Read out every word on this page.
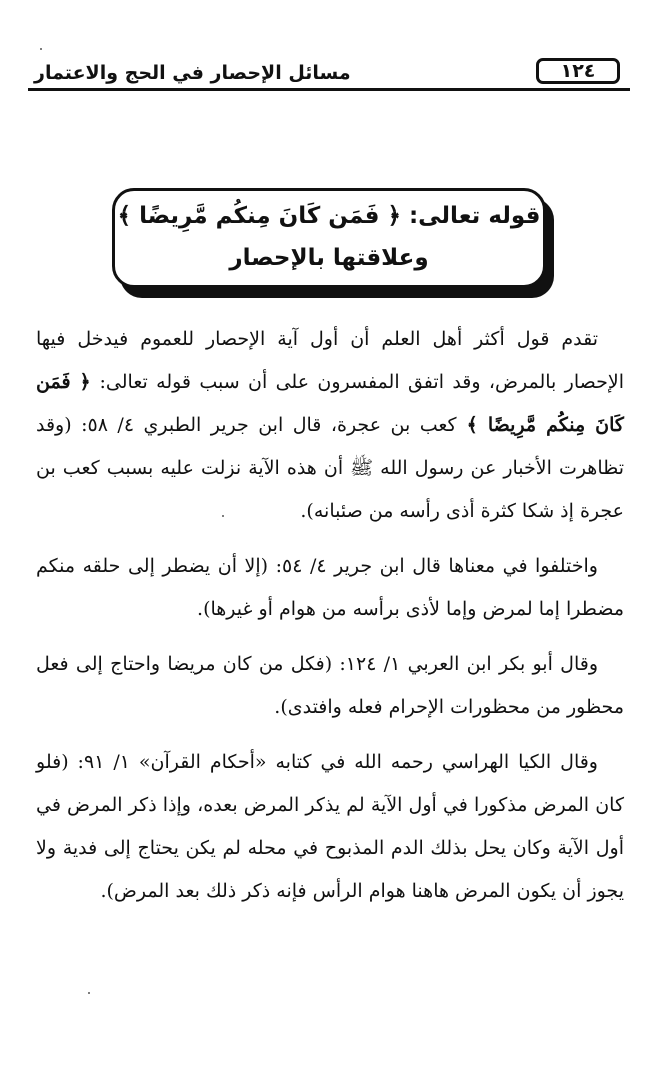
مسائل الإحصار في الحج والاعتمار	١٢٤
قوله تعالى: ﴿ فَمَن كَانَ مِنكُم مَّرِيضًا ﴾
وعلاقتها بالإحصار

تقدم قول أكثر أهل العلم أن أول آية الإحصار للعموم فيدخل فيها الإحصار بالمرض، وقد اتفق المفسرون على أن سبب قوله تعالى: ﴿ فَمَن كَانَ مِنكُم مَّرِيضًا ﴾ كعب بن عجرة، قال ابن جرير الطبري ٤/ ٥٨: (وقد تظاهرت الأخبار عن رسول الله ﷺ أن هذه الآية نزلت عليه بسبب كعب بن عجرة إذ شكا كثرة أذى رأسه من صئبانه).

واختلفوا في معناها قال ابن جرير ٤/ ٥٤: (إلا أن يضطر إلى حلقه منكم مضطرا إما لمرض وإما لأذى برأسه من هوام أو غيرها).

وقال أبو بكر ابن العربي ١/ ١٢٤: (فكل من كان مريضا واحتاج إلى فعل محظور من محظورات الإحرام فعله وافتدى).

وقال الكيا الهراسي رحمه الله في كتابه «أحكام القرآن» ١/ ٩١: (فلو كان المرض مذكورا في أول الآية لم يذكر المرض بعده، وإذا ذكر المرض في أول الآية وكان يحل بذلك الدم المذبوح في محله لم يكن يحتاج إلى فدية ولا يجوز أن يكون المرض هاهنا هوام الرأس فإنه ذكر ذلك بعد المرض).
